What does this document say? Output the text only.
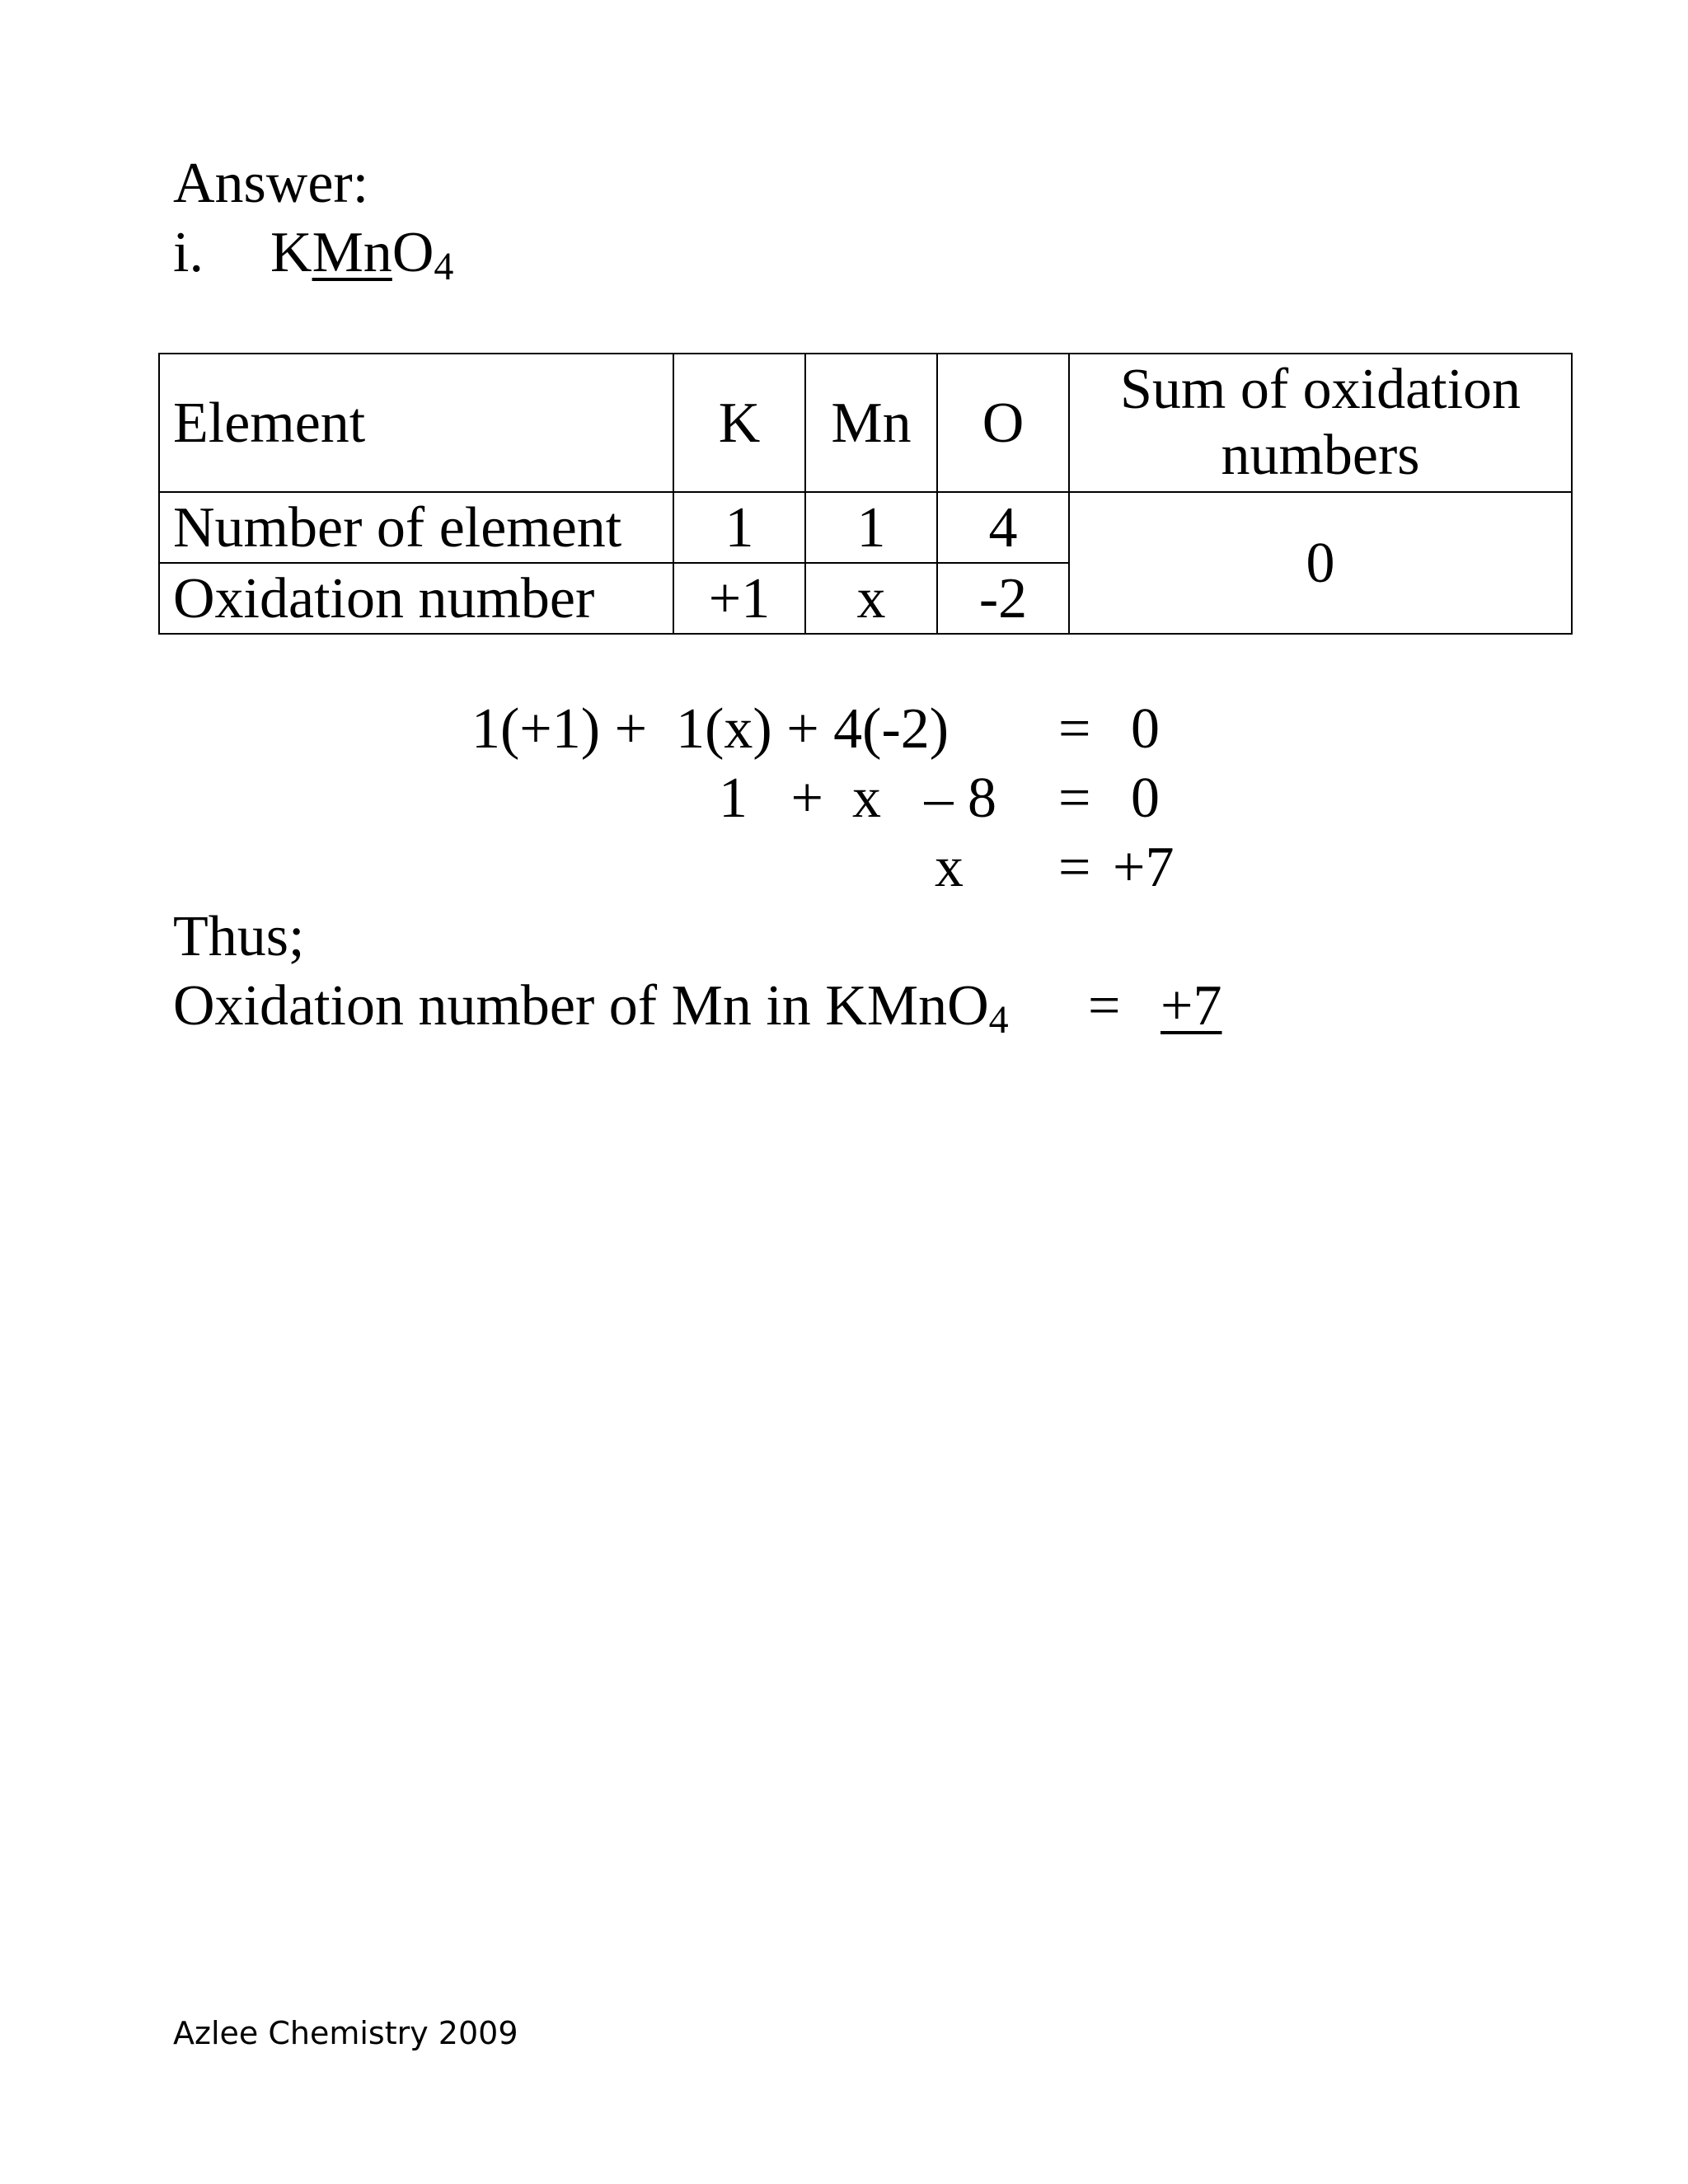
Answer:
i. KMnO$_4$
Element	K	Mn	O	Sum of oxidation
numbers

Number of element	1	1	4	0
Oxidation number	+1	x	-2	
1(+1) +  1(x) + 4(-2) = 0
1   +  x   – 8 = 0
x = +7
Thus;
Oxidation number of Mn in KMnO$_4$ = +7
Azlee Chemistry 2009
